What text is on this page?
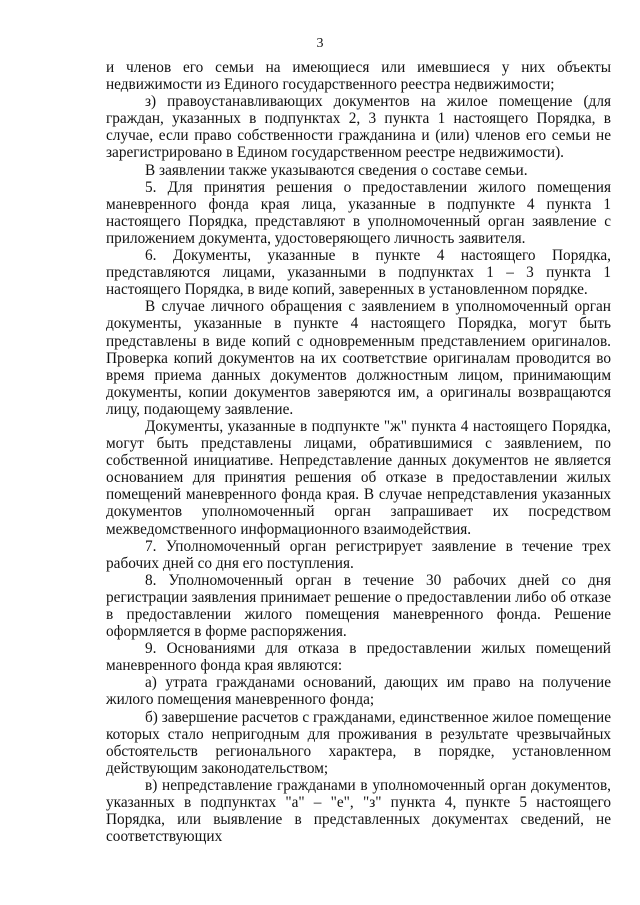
3

и членов его семьи на имеющиеся или имевшиеся у них объекты недвижимости из Единого государственного реестра недвижимости;

з) правоустанавливающих документов на жилое помещение (для граждан, указанных в подпунктах 2, 3 пункта 1 настоящего Порядка, в случае, если право собственности гражданина и (или) членов его семьи не зарегистрировано в Едином государственном реестре недвижимости).

В заявлении также указываются сведения о составе семьи.

5. Для принятия решения о предоставлении жилого помещения маневренного фонда края лица, указанные в подпункте 4 пункта 1 настоящего Порядка, представляют в уполномоченный орган заявление с приложением документа, удостоверяющего личность заявителя.

6. Документы, указанные в пункте 4 настоящего Порядка, представляются лицами, указанными в подпунктах 1 – 3 пункта 1 настоящего Порядка, в виде копий, заверенных в установленном порядке.

В случае личного обращения с заявлением в уполномоченный орган документы, указанные в пункте 4 настоящего Порядка, могут быть представлены в виде копий с одновременным представлением оригиналов. Проверка копий документов на их соответствие оригиналам проводится во время приема данных документов должностным лицом, принимающим документы, копии документов заверяются им, а оригиналы возвращаются лицу, подающему заявление.

Документы, указанные в подпункте "ж" пункта 4 настоящего Порядка, могут быть представлены лицами, обратившимися с заявлением, по собственной инициативе. Непредставление данных документов не является основанием для принятия решения об отказе в предоставлении жилых помещений маневренного фонда края. В случае непредставления указанных документов уполномоченный орган запрашивает их посредством межведомственного информационного взаимодействия.

7. Уполномоченный орган регистрирует заявление в течение трех рабочих дней со дня его поступления.

8. Уполномоченный орган в течение 30 рабочих дней со дня регистрации заявления принимает решение о предоставлении либо об отказе в предоставлении жилого помещения маневренного фонда. Решение оформляется в форме распоряжения.

9. Основаниями для отказа в предоставлении жилых помещений маневренного фонда края являются:

а) утрата гражданами оснований, дающих им право на получение жилого помещения маневренного фонда;

б) завершение расчетов с гражданами, единственное жилое помещение которых стало непригодным для проживания в результате чрезвычайных обстоятельств регионального характера, в порядке, установленном действующим законодательством;

в) непредставление гражданами в уполномоченный орган документов, указанных в подпунктах "а" – "е", "з" пункта 4, пункте 5 настоящего Порядка, или выявление в представленных документах сведений, не соответствующих
